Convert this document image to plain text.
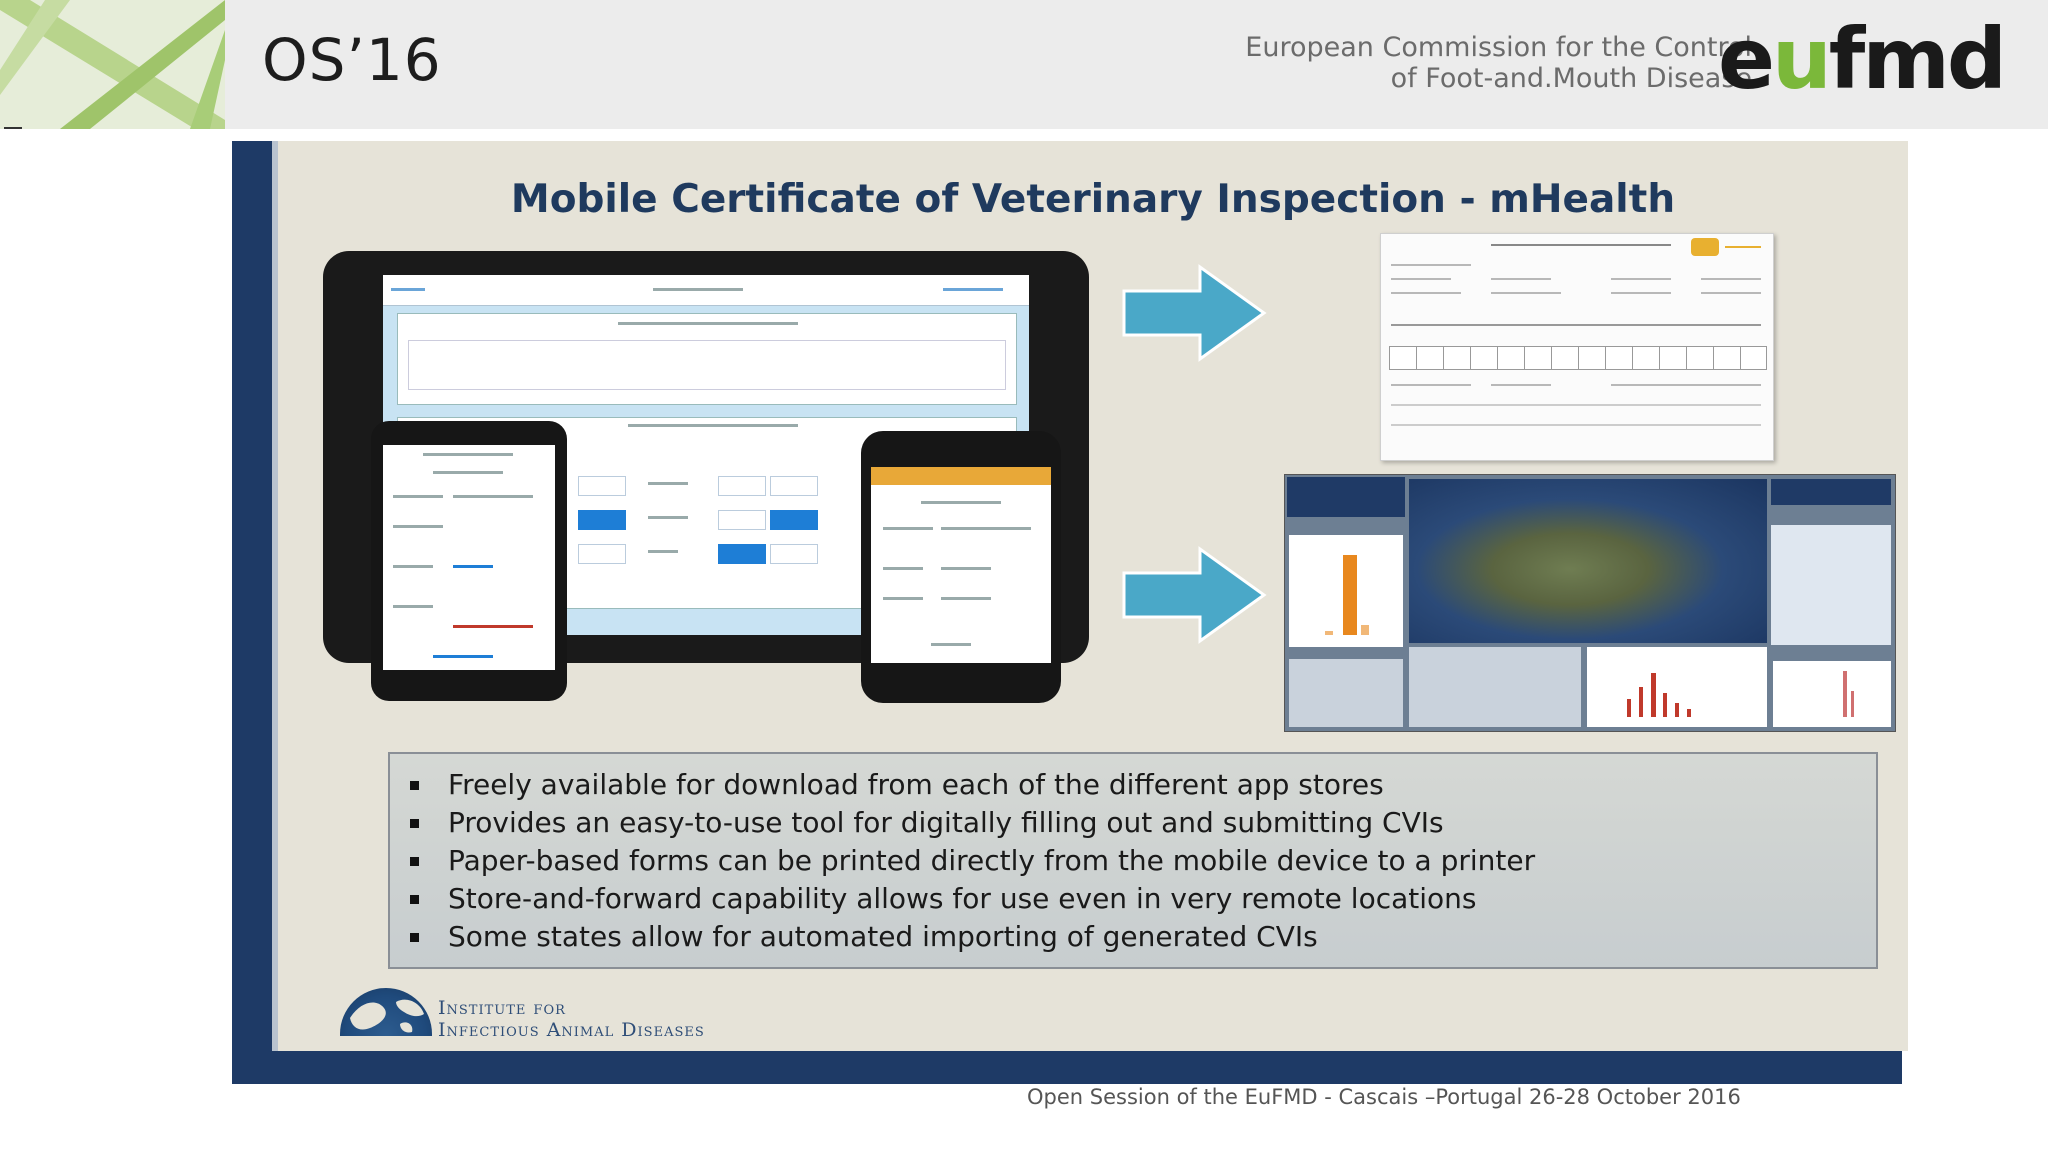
OS’16	European Commission for the Control
of Foot-and.Mouth Disease
eufmd
Mobile Certificate of Veterinary Inspection - mHealth
Freely available for download from each of the different app stores
Provides an easy-to-use tool for digitally filling out and submitting CVIs
Paper-based forms can be printed directly from the mobile device to a printer
Store-and-forward capability allows for use even in very remote locations
Some states allow for automated importing of generated CVIs
Institute for
Infectious Animal Diseases
Open Session of the EuFMD - Cascais –Portugal 26-28 October 2016
